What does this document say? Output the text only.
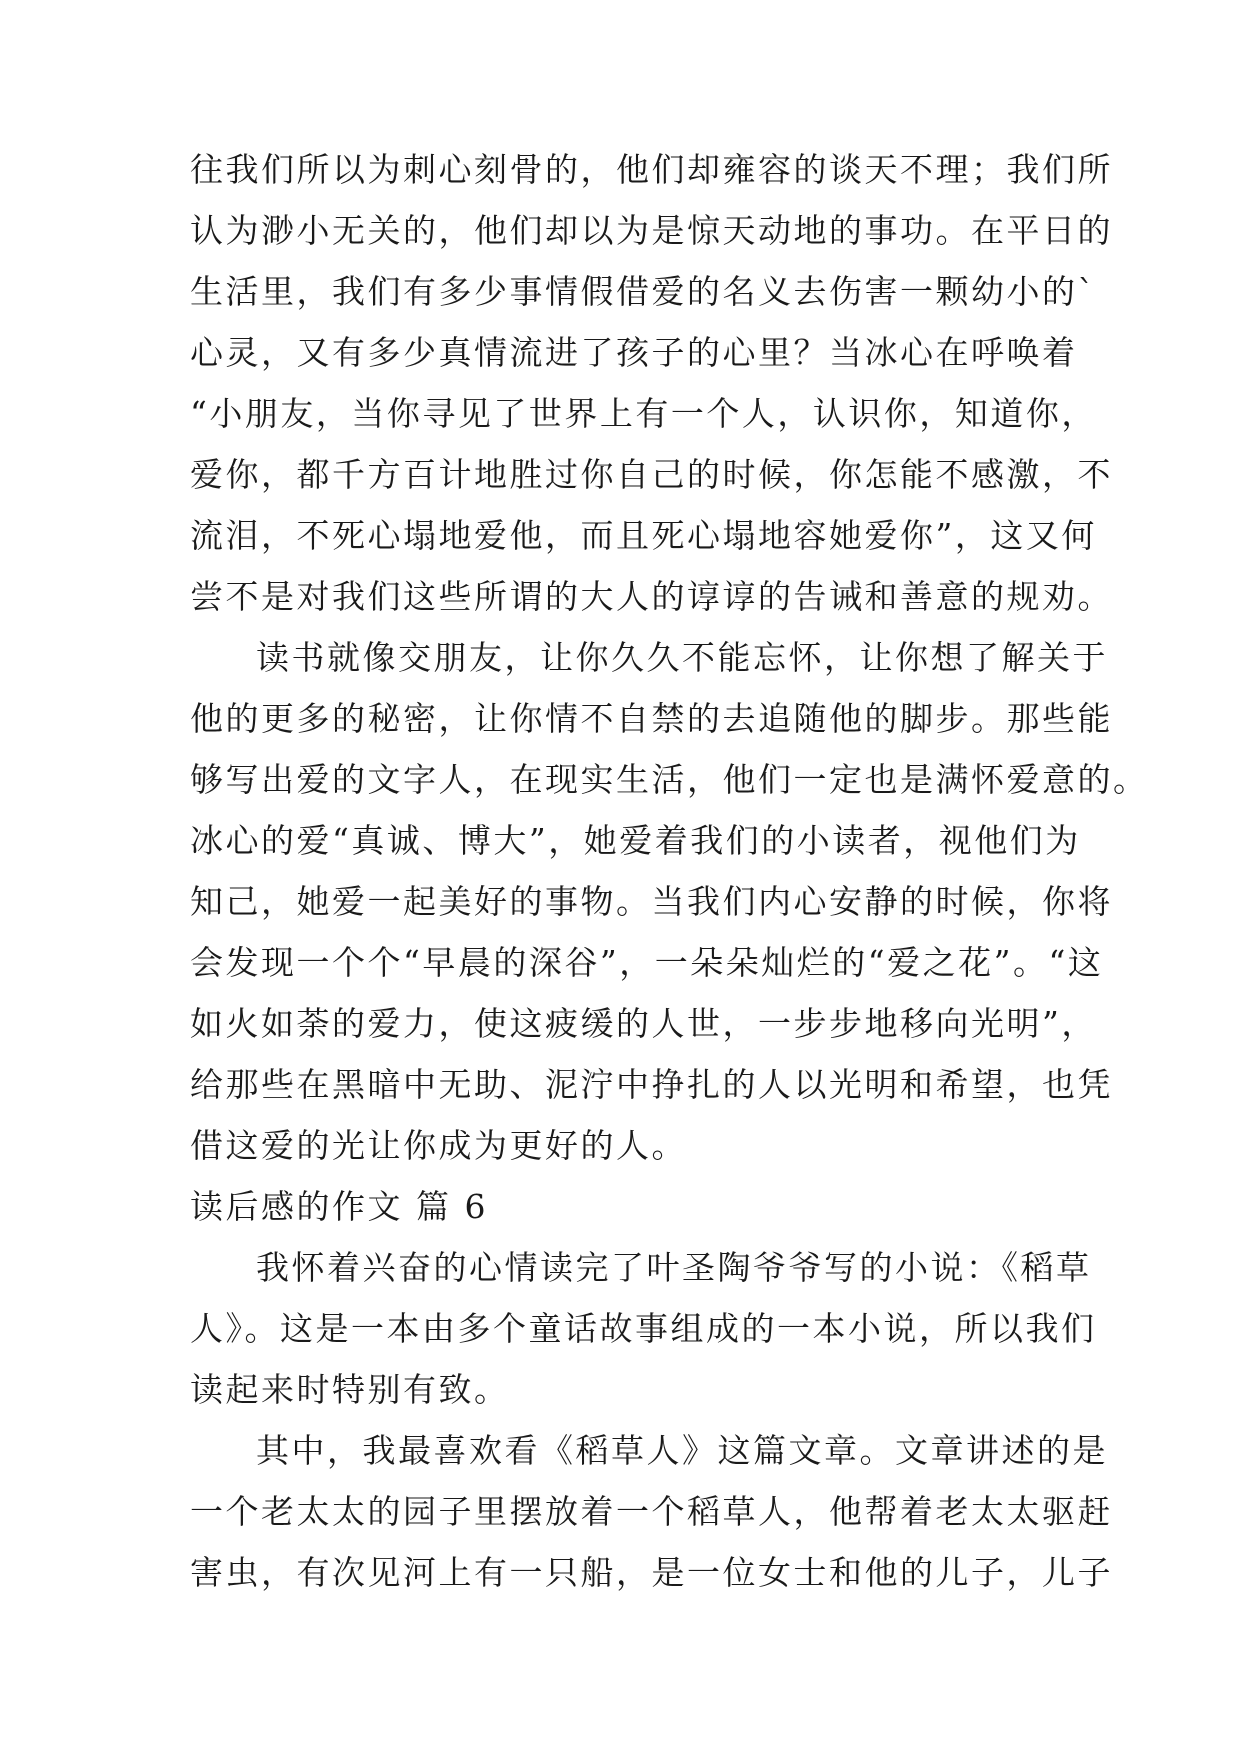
往我们所以为刺心刻骨的，他们却雍容的谈天不理；我们所
认为渺小无关的，他们却以为是惊天动地的事功。在平日的
生活里，我们有多少事情假借爱的名义去伤害一颗幼小的`
心灵，又有多少真情流进了孩子的心里？当冰心在呼唤着
“小朋友，当你寻见了世界上有一个人，认识你，知道你，
爱你，都千方百计地胜过你自己的时候，你怎能不感激，不
流泪，不死心塌地爱他，而且死心塌地容她爱你”，这又何
尝不是对我们这些所谓的大人的谆谆的告诫和善意的规劝。
读书就像交朋友，让你久久不能忘怀，让你想了解关于
他的更多的秘密，让你情不自禁的去追随他的脚步。那些能
够写出爱的文字人，在现实生活，他们一定也是满怀爱意的。
冰心的爱“真诚、博大”，她爱着我们的小读者，视他们为
知己，她爱一起美好的事物。当我们内心安静的时候，你将
会发现一个个“早晨的深谷”，一朵朵灿烂的“爱之花”。“这
如火如荼的爱力，使这疲缓的人世，一步步地移向光明”，
给那些在黑暗中无助、泥泞中挣扎的人以光明和希望，也凭
借这爱的光让你成为更好的人。
读后感的作文 篇 6
我怀着兴奋的心情读完了叶圣陶爷爷写的小说：《稻草
人》。这是一本由多个童话故事组成的一本小说，所以我们
读起来时特别有致。
其中，我最喜欢看《稻草人》这篇文章。文章讲述的是
一个老太太的园子里摆放着一个稻草人，他帮着老太太驱赶
害虫，有次见河上有一只船，是一位女士和他的儿子，儿子
